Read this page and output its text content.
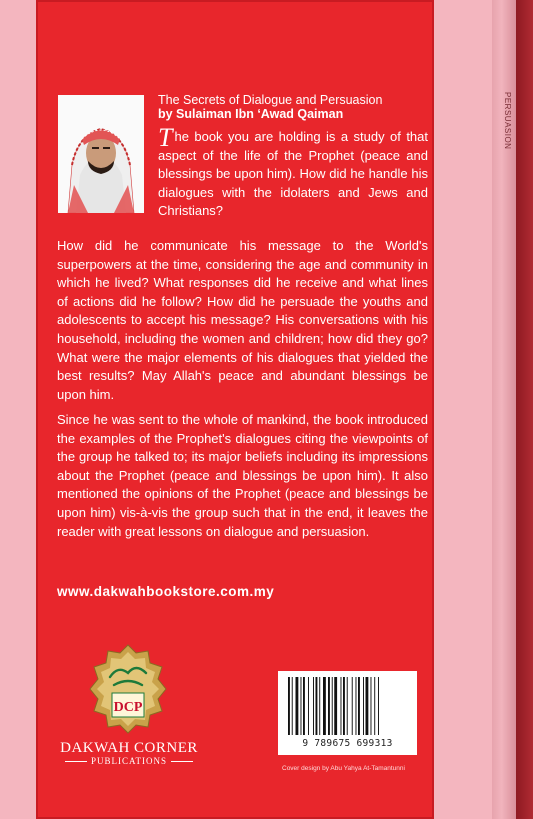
PERSUASION
The Secrets of Dialogue and Persuasion
by Sulaiman Ibn ‘Awad Qaiman

The book you are holding is a study of that aspect of the life of the Prophet (peace and blessings be upon him). How did he handle his dialogues with the idolaters and Jews and Christians?

How did he communicate his message to the World's superpowers at the time, considering the age and community in which he lived? What responses did he receive and what lines of actions did he follow? How did he persuade the youths and adolescents to accept his message? His conversations with his household, including the women and children; how did they go? What were the major elements of his dialogues that yielded the best results? May Allah's peace and abundant blessings be upon him.

Since he was sent to the whole of mankind, the book introduced the examples of the Prophet's dialogues citing the viewpoints of the group he talked to; its major beliefs including its impressions about the Prophet (peace and blessings be upon him). It also mentioned the opinions of the Prophet (peace and blessings be upon him) vis-à-vis the group such that in the end, it leaves the reader with great lessons on dialogue and persuasion.

www.dakwahbookstore.com.my
DCP
DAKWAH CORNER
PUBLICATIONS
9 789675 699313
Cover design by Abu Yahya At-Tamantunni
